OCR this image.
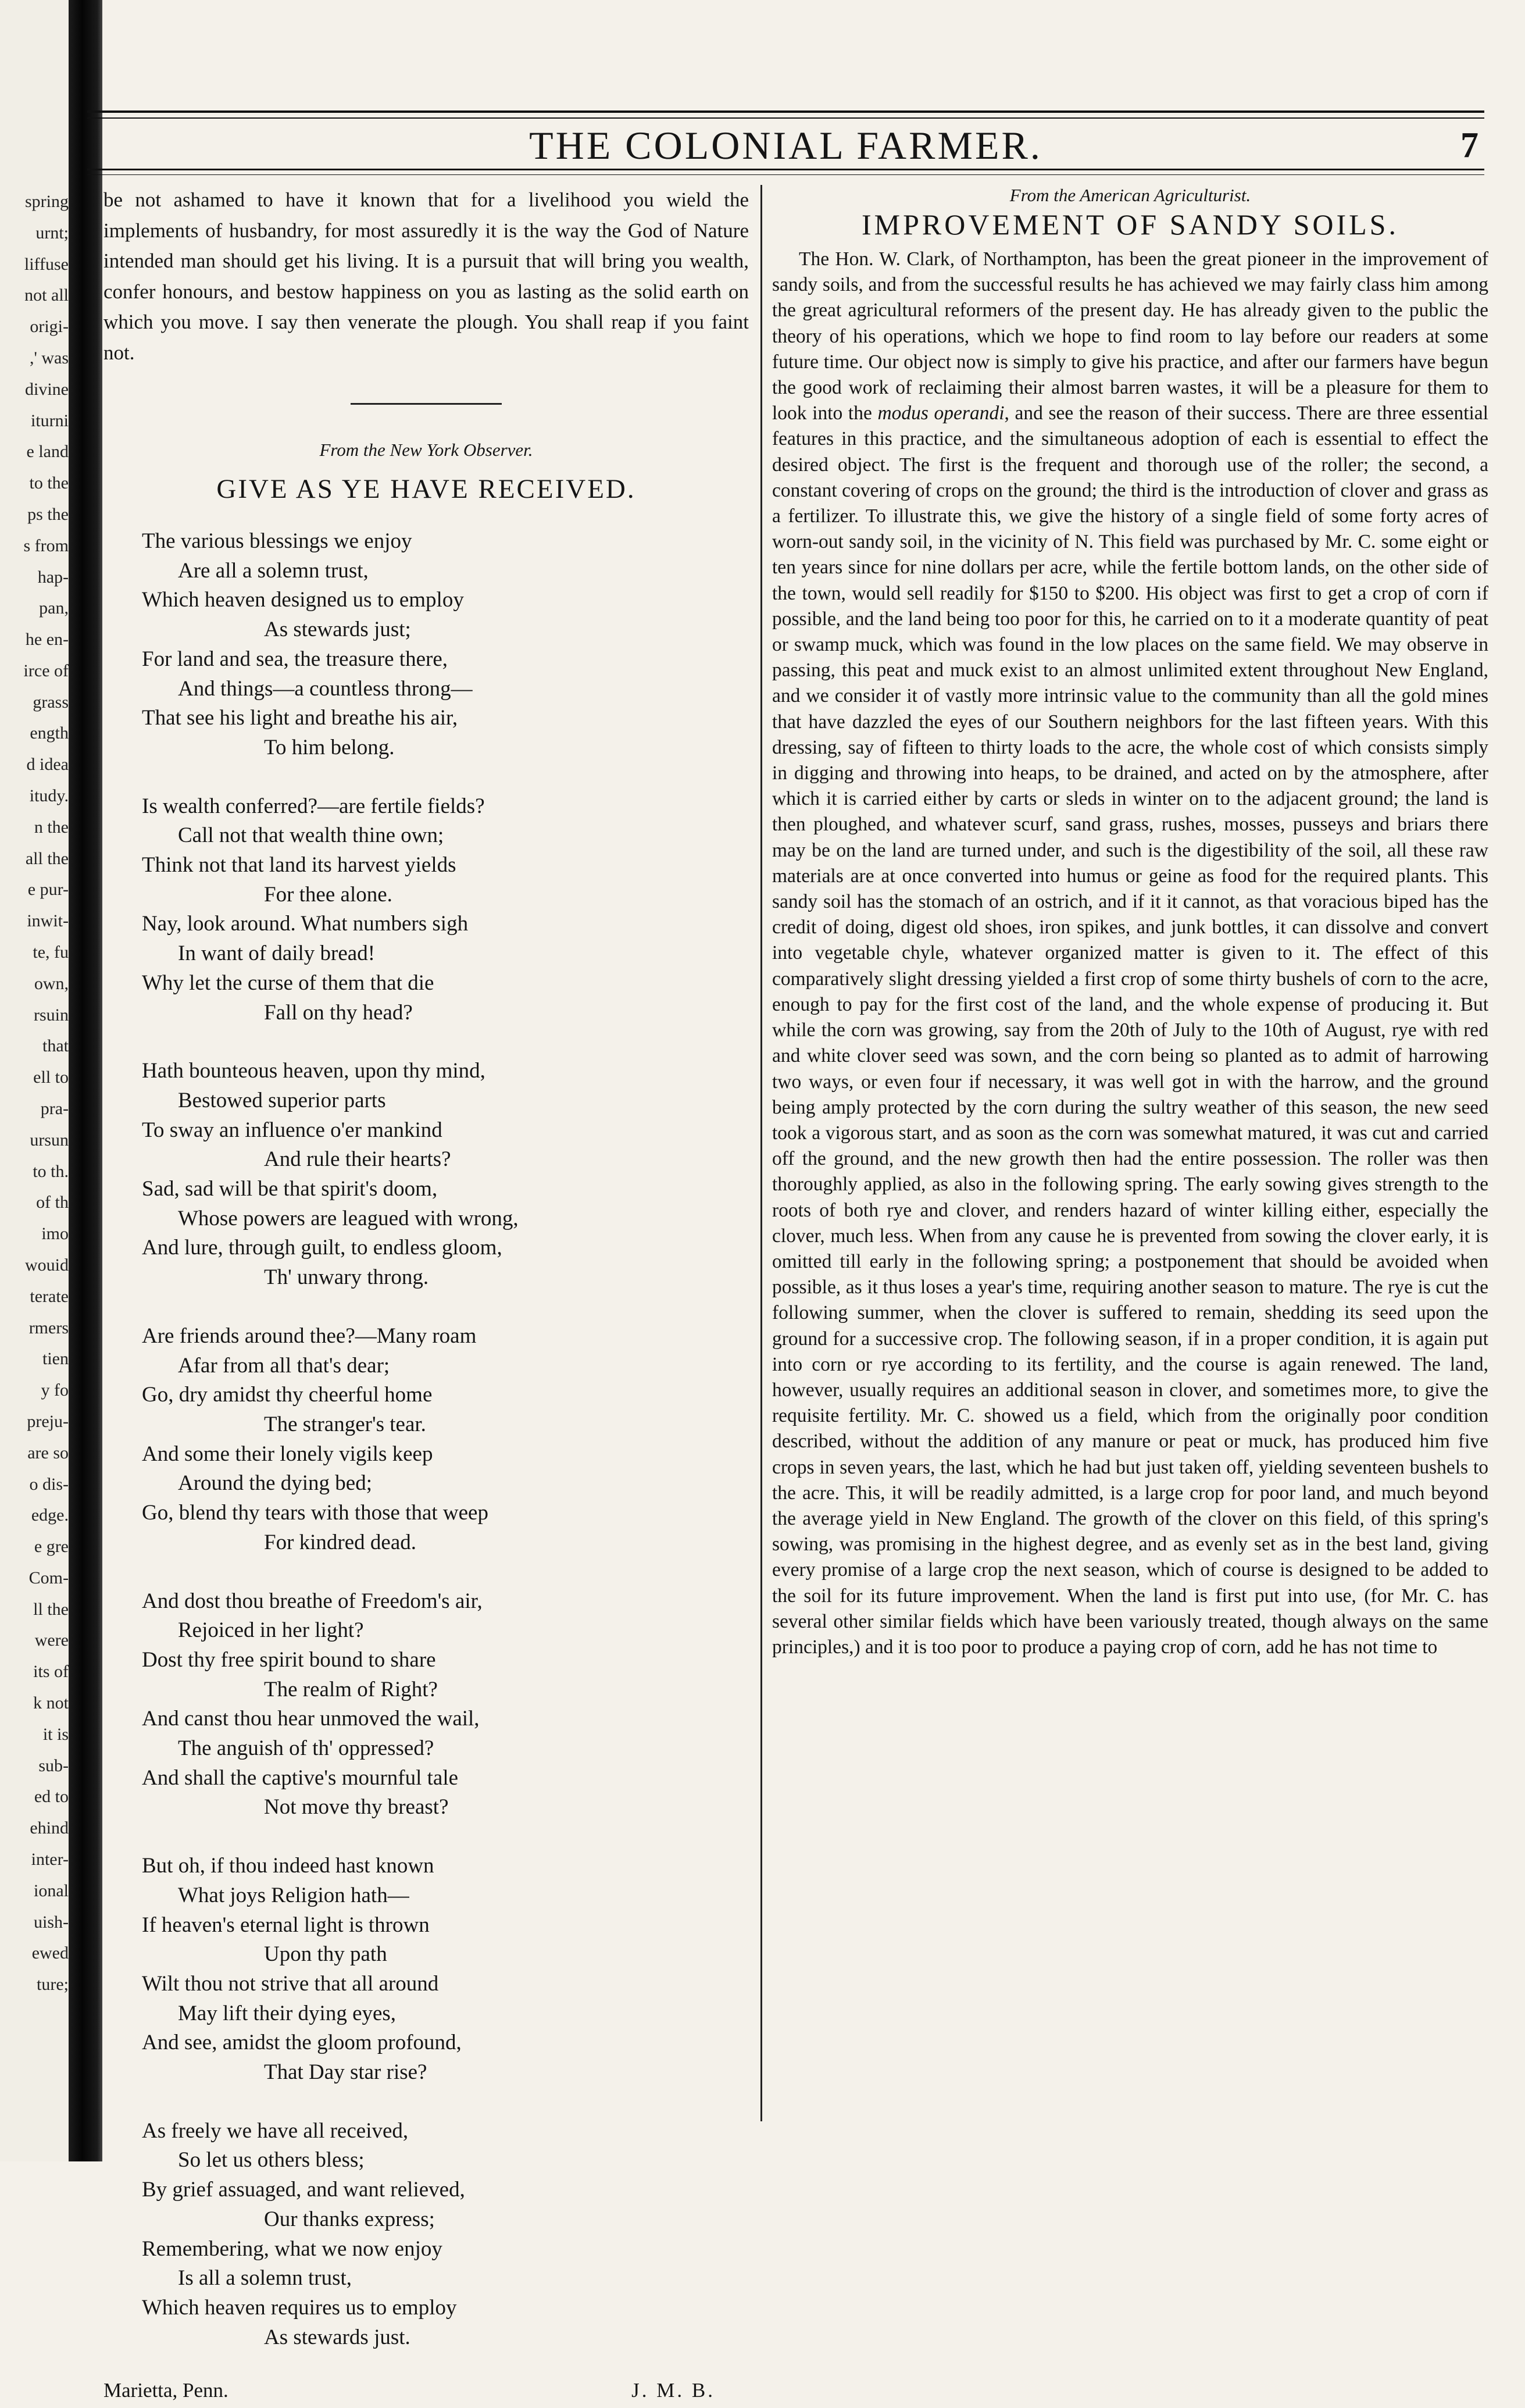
spring
urnt;
liffuse
not all
origi-
,' was
divine
iturni
e land
to the
ps the
s from
hap-
pan,
he en-
irce of
grass
ength
d idea
itudy.
n the
all the
e pur-
inwit-
te, fu
own,
rsuin
that
ell to
pra-
ursun
to th.
of th
imo
wouid
terate
rmers
tien
y fo
preju-
are so
o dis-
edge.
e gre
Com-
ll the
were
its of
k not
it is
sub-
ed to
ehind
inter-
ional
uish-
ewed
ture;
THE COLONIAL FARMER.	7

be not ashamed to have it known that for a livelihood you wield the implements of husbandry, for most assuredly it is the way the God of Nature intended man should get his living. It is a pursuit that will bring you wealth, confer honours, and bestow happiness on you as lasting as the solid earth on which you move. I say then venerate the plough. You shall reap if you faint not.

From the New York Observer.
GIVE AS YE HAVE RECEIVED.
The various blessings we enjoy
Are all a solemn trust,
Which heaven designed us to employ
As stewards just;
For land and sea, the treasure there,
And things—a countless throng—
That see his light and breathe his air,
To him belong.
Is wealth conferred?—are fertile fields?
Call not that wealth thine own;
Think not that land its harvest yields
For thee alone.
Nay, look around. What numbers sigh
In want of daily bread!
Why let the curse of them that die
Fall on thy head?
Hath bounteous heaven, upon thy mind,
Bestowed superior parts
To sway an influence o'er mankind
And rule their hearts?
Sad, sad will be that spirit's doom,
Whose powers are leagued with wrong,
And lure, through guilt, to endless gloom,
Th' unwary throng.
Are friends around thee?—Many roam
Afar from all that's dear;
Go, dry amidst thy cheerful home
The stranger's tear.
And some their lonely vigils keep
Around the dying bed;
Go, blend thy tears with those that weep
For kindred dead.
And dost thou breathe of Freedom's air,
Rejoiced in her light?
Dost thy free spirit bound to share
The realm of Right?
And canst thou hear unmoved the wail,
The anguish of th' oppressed?
And shall the captive's mournful tale
Not move thy breast?
But oh, if thou indeed hast known
What joys Religion hath—
If heaven's eternal light is thrown
Upon thy path
Wilt thou not strive that all around
May lift their dying eyes,
And see, amidst the gloom profound,
That Day star rise?
As freely we have all received,
So let us others bless;
By grief assuaged, and want relieved,
Our thanks express;
Remembering, what we now enjoy
Is all a solemn trust,
Which heaven requires us to employ
As stewards just.
Marietta, Penn.	J. M. B.
From the American Agriculturist.
IMPROVEMENT OF SANDY SOILS.

The Hon. W. Clark, of Northampton, has been the great pioneer in the improvement of sandy soils, and from the successful results he has achieved we may fairly class him among the great agricultural reformers of the present day. He has already given to the public the theory of his operations, which we hope to find room to lay before our readers at some future time. Our object now is simply to give his practice, and after our farmers have begun the good work of reclaiming their almost barren wastes, it will be a pleasure for them to look into the modus operandi, and see the reason of their success. There are three essential features in this practice, and the simultaneous adoption of each is essential to effect the desired object. The first is the frequent and thorough use of the roller; the second, a constant covering of crops on the ground; the third is the introduction of clover and grass as a fertilizer. To illustrate this, we give the history of a single field of some forty acres of worn-out sandy soil, in the vicinity of N. This field was purchased by Mr. C. some eight or ten years since for nine dollars per acre, while the fertile bottom lands, on the other side of the town, would sell readily for $150 to $200. His object was first to get a crop of corn if possible, and the land being too poor for this, he carried on to it a moderate quantity of peat or swamp muck, which was found in the low places on the same field. We may observe in passing, this peat and muck exist to an almost unlimited extent throughout New England, and we consider it of vastly more intrinsic value to the community than all the gold mines that have dazzled the eyes of our Southern neighbors for the last fifteen years. With this dressing, say of fifteen to thirty loads to the acre, the whole cost of which consists simply in digging and throwing into heaps, to be drained, and acted on by the atmosphere, after which it is carried either by carts or sleds in winter on to the adjacent ground; the land is then ploughed, and whatever scurf, sand grass, rushes, mosses, pusseys and briars there may be on the land are turned under, and such is the digestibility of the soil, all these raw materials are at once converted into humus or geine as food for the required plants. This sandy soil has the stomach of an ostrich, and if it it cannot, as that voracious biped has the credit of doing, digest old shoes, iron spikes, and junk bottles, it can dissolve and convert into vegetable chyle, whatever organized matter is given to it. The effect of this comparatively slight dressing yielded a first crop of some thirty bushels of corn to the acre, enough to pay for the first cost of the land, and the whole expense of producing it. But while the corn was growing, say from the 20th of July to the 10th of August, rye with red and white clover seed was sown, and the corn being so planted as to admit of harrowing two ways, or even four if necessary, it was well got in with the harrow, and the ground being amply protected by the corn during the sultry weather of this season, the new seed took a vigorous start, and as soon as the corn was somewhat matured, it was cut and carried off the ground, and the new growth then had the entire possession. The roller was then thoroughly applied, as also in the following spring. The early sowing gives strength to the roots of both rye and clover, and renders hazard of winter killing either, especially the clover, much less. When from any cause he is prevented from sowing the clover early, it is omitted till early in the following spring; a postponement that should be avoided when possible, as it thus loses a year's time, requiring another season to mature. The rye is cut the following summer, when the clover is suffered to remain, shedding its seed upon the ground for a successive crop. The following season, if in a proper condition, it is again put into corn or rye according to its fertility, and the course is again renewed. The land, however, usually requires an additional season in clover, and sometimes more, to give the requisite fertility. Mr. C. showed us a field, which from the originally poor condition described, without the addition of any manure or peat or muck, has produced him five crops in seven years, the last, which he had but just taken off, yielding seventeen bushels to the acre. This, it will be readily admitted, is a large crop for poor land, and much beyond the average yield in New England. The growth of the clover on this field, of this spring's sowing, was promising in the highest degree, and as evenly set as in the best land, giving every promise of a large crop the next season, which of course is designed to be added to the soil for its future improvement. When the land is first put into use, (for Mr. C. has several other similar fields which have been variously treated, though always on the same principles,) and it is too poor to produce a paying crop of corn, add he has not time to
